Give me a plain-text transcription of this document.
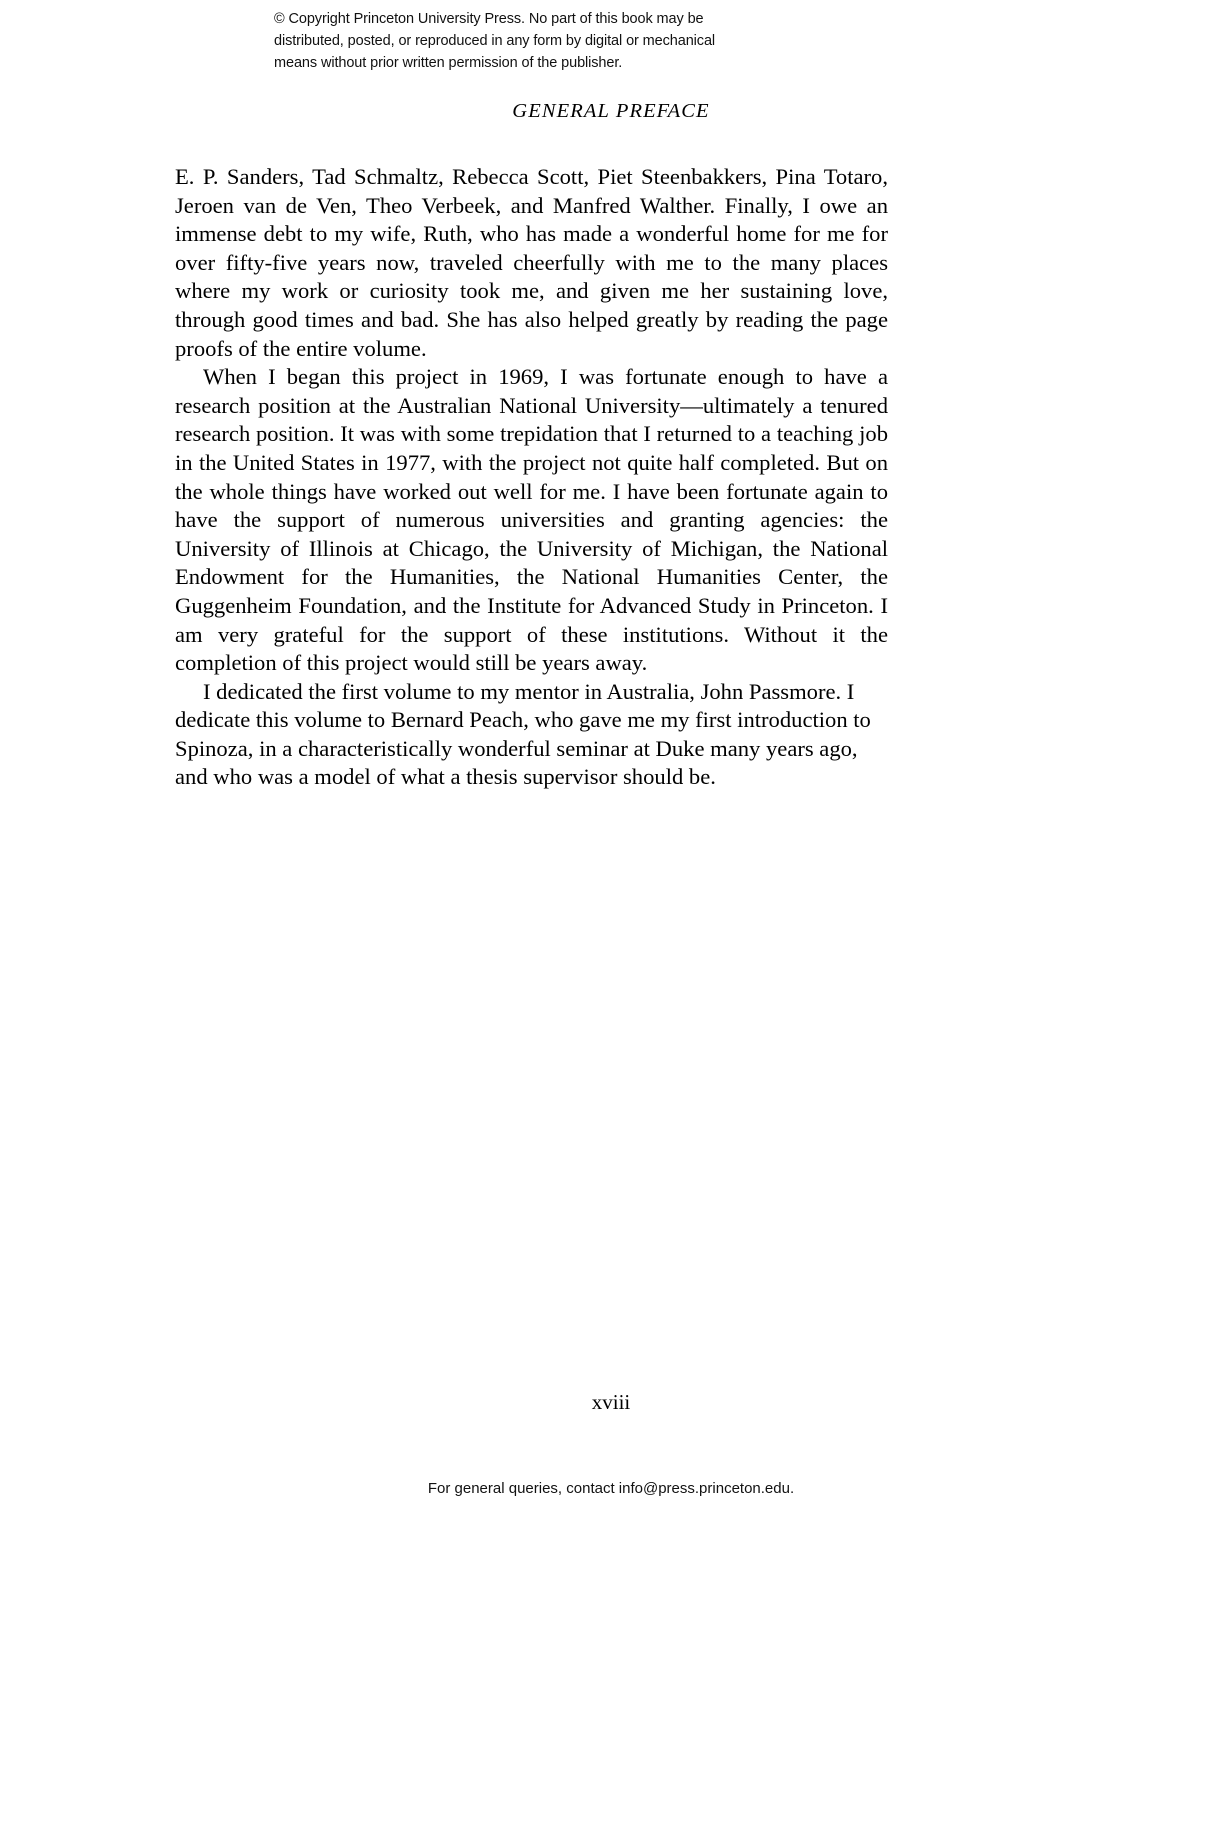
© Copyright Princeton University Press. No part of this book may be
distributed, posted, or reproduced in any form by digital or mechanical
means without prior written permission of the publisher.
GENERAL PREFACE

E. P. Sanders, Tad Schmaltz, Rebecca Scott, Piet Steenbakkers, Pina Totaro, Jeroen van de Ven, Theo Verbeek, and Manfred Walther. Finally, I owe an immense debt to my wife, Ruth, who has made a wonderful home for me for over fifty-five years now, traveled cheerfully with me to the many places where my work or curiosity took me, and given me her sustaining love, through good times and bad. She has also helped greatly by reading the page proofs of the entire volume.

When I began this project in 1969, I was fortunate enough to have a research position at the Australian National University—ultimately a tenured research position. It was with some trepidation that I returned to a teaching job in the United States in 1977, with the project not quite half completed. But on the whole things have worked out well for me. I have been fortunate again to have the support of numerous universities and granting agencies: the University of Illinois at Chicago, the University of Michigan, the National Endowment for the Humanities, the National Humanities Center, the Guggenheim Foundation, and the Institute for Advanced Study in Princeton. I am very grateful for the support of these institutions. Without it the completion of this project would still be years away.

I dedicated the first volume to my mentor in Australia, John Passmore. I dedicate this volume to Bernard Peach, who gave me my first introduction to Spinoza, in a characteristically wonderful seminar at Duke many years ago, and who was a model of what a thesis supervisor should be.

xviii
For general queries, contact info@press.princeton.edu.
